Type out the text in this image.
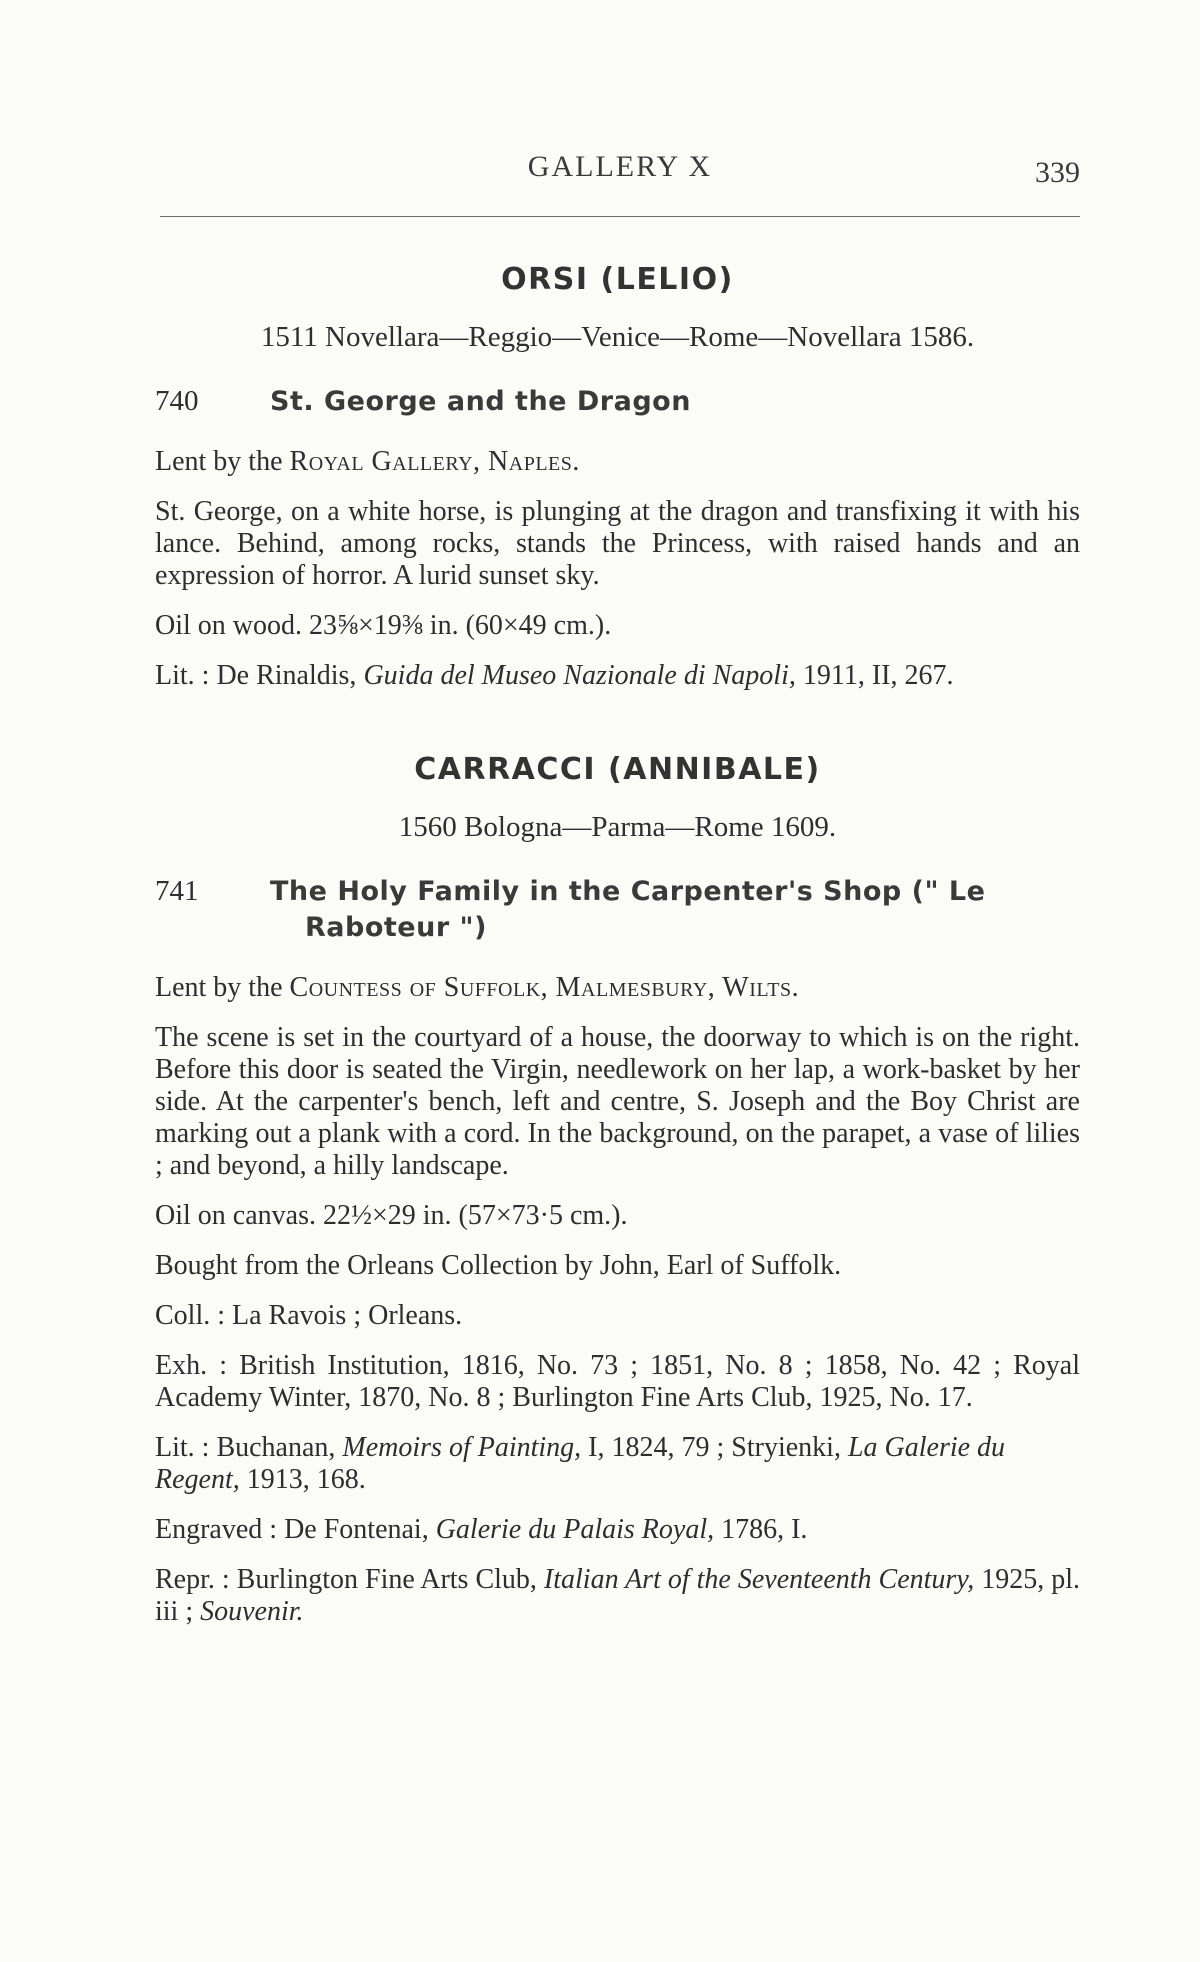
GALLERY X	339
ORSI (LELIO)
1511 Novellara—Reggio—Venice—Rome—Novellara 1586.
740	St. George and the Dragon

Lent by the Royal Gallery, Naples.

St. George, on a white horse, is plunging at the dragon and transfixing it with his lance. Behind, among rocks, stands the Princess, with raised hands and an expression of horror. A lurid sunset sky.

Oil on wood. 23⅝×19⅜ in. (60×49 cm.).

Lit. : De Rinaldis, Guida del Museo Nazionale di Napoli, 1911, II, 267.

CARRACCI (ANNIBALE)
1560 Bologna—Parma—Rome 1609.
741	The Holy Family in the Carpenter's Shop (" Le
Raboteur ")

Lent by the Countess of Suffolk, Malmesbury, Wilts.

The scene is set in the courtyard of a house, the doorway to which is on the right. Before this door is seated the Virgin, needlework on her lap, a work-basket by her side. At the carpenter's bench, left and centre, S. Joseph and the Boy Christ are marking out a plank with a cord. In the background, on the parapet, a vase of lilies ; and beyond, a hilly landscape.

Oil on canvas. 22½×29 in. (57×73·5 cm.).

Bought from the Orleans Collection by John, Earl of Suffolk.

Coll. : La Ravois ; Orleans.

Exh. : British Institution, 1816, No. 73 ; 1851, No. 8 ; 1858, No. 42 ; Royal Academy Winter, 1870, No. 8 ; Burlington Fine Arts Club, 1925, No. 17.

Lit. : Buchanan, Memoirs of Painting, I, 1824, 79 ; Stryienki, La Galerie du Regent, 1913, 168.

Engraved : De Fontenai, Galerie du Palais Royal, 1786, I.

Repr. : Burlington Fine Arts Club, Italian Art of the Seventeenth Century, 1925, pl. iii ; Souvenir.
